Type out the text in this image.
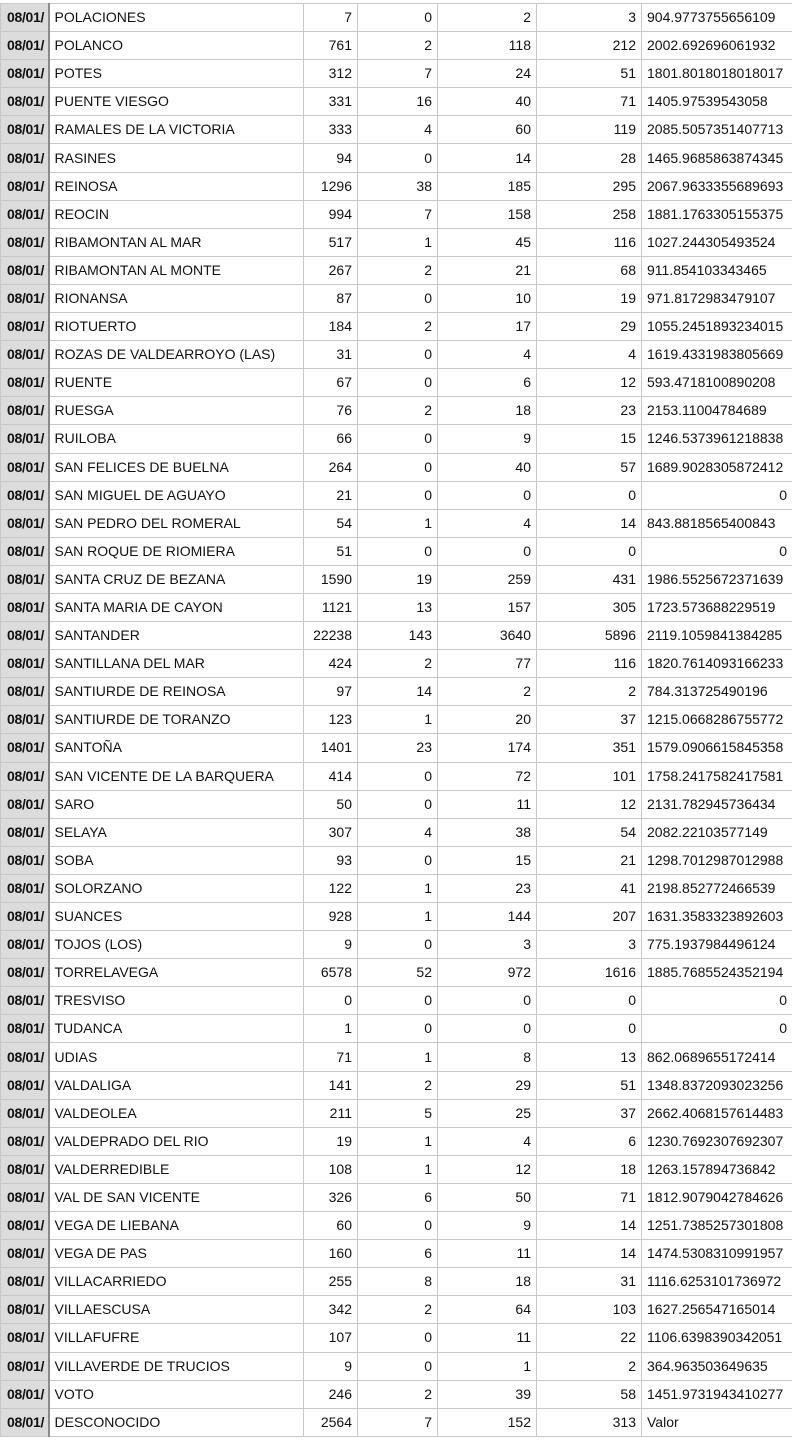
08/01/	POLACIONES	7	0	2	3	904.9773755656109
08/01/	POLANCO	761	2	118	212	2002.692696061932
08/01/	POTES	312	7	24	51	1801.8018018018017
08/01/	PUENTE VIESGO	331	16	40	71	1405.97539543058
08/01/	RAMALES DE LA VICTORIA	333	4	60	119	2085.5057351407713
08/01/	RASINES	94	0	14	28	1465.9685863874345
08/01/	REINOSA	1296	38	185	295	2067.9633355689693
08/01/	REOCIN	994	7	158	258	1881.1763305155375
08/01/	RIBAMONTAN AL MAR	517	1	45	116	1027.244305493524
08/01/	RIBAMONTAN AL MONTE	267	2	21	68	911.854103343465
08/01/	RIONANSA	87	0	10	19	971.8172983479107
08/01/	RIOTUERTO	184	2	17	29	1055.2451893234015
08/01/	ROZAS DE VALDEARROYO (LAS)	31	0	4	4	1619.4331983805669
08/01/	RUENTE	67	0	6	12	593.4718100890208
08/01/	RUESGA	76	2	18	23	2153.11004784689
08/01/	RUILOBA	66	0	9	15	1246.5373961218838
08/01/	SAN FELICES DE BUELNA	264	0	40	57	1689.9028305872412
08/01/	SAN MIGUEL DE AGUAYO	21	0	0	0	0
08/01/	SAN PEDRO DEL ROMERAL	54	1	4	14	843.8818565400843
08/01/	SAN ROQUE DE RIOMIERA	51	0	0	0	0
08/01/	SANTA CRUZ DE BEZANA	1590	19	259	431	1986.5525672371639
08/01/	SANTA MARIA DE CAYON	1121	13	157	305	1723.573688229519
08/01/	SANTANDER	22238	143	3640	5896	2119.1059841384285
08/01/	SANTILLANA DEL MAR	424	2	77	116	1820.7614093166233
08/01/	SANTIURDE DE REINOSA	97	14	2	2	784.313725490196
08/01/	SANTIURDE DE TORANZO	123	1	20	37	1215.0668286755772
08/01/	SANTOÑA	1401	23	174	351	1579.0906615845358
08/01/	SAN VICENTE DE LA BARQUERA	414	0	72	101	1758.2417582417581
08/01/	SARO	50	0	11	12	2131.782945736434
08/01/	SELAYA	307	4	38	54	2082.22103577149
08/01/	SOBA	93	0	15	21	1298.7012987012988
08/01/	SOLORZANO	122	1	23	41	2198.852772466539
08/01/	SUANCES	928	1	144	207	1631.3583323892603
08/01/	TOJOS (LOS)	9	0	3	3	775.1937984496124
08/01/	TORRELAVEGA	6578	52	972	1616	1885.7685524352194
08/01/	TRESVISO	0	0	0	0	0
08/01/	TUDANCA	1	0	0	0	0
08/01/	UDIAS	71	1	8	13	862.0689655172414
08/01/	VALDALIGA	141	2	29	51	1348.8372093023256
08/01/	VALDEOLEA	211	5	25	37	2662.4068157614483
08/01/	VALDEPRADO DEL RIO	19	1	4	6	1230.7692307692307
08/01/	VALDERREDIBLE	108	1	12	18	1263.157894736842
08/01/	VAL DE SAN VICENTE	326	6	50	71	1812.9079042784626
08/01/	VEGA DE LIEBANA	60	0	9	14	1251.7385257301808
08/01/	VEGA DE PAS	160	6	11	14	1474.5308310991957
08/01/	VILLACARRIEDO	255	8	18	31	1116.6253101736972
08/01/	VILLAESCUSA	342	2	64	103	1627.256547165014
08/01/	VILLAFUFRE	107	0	11	22	1106.6398390342051
08/01/	VILLAVERDE DE TRUCIOS	9	0	1	2	364.963503649635
08/01/	VOTO	246	2	39	58	1451.9731943410277
08/01/	DESCONOCIDO	2564	7	152	313	Valor
